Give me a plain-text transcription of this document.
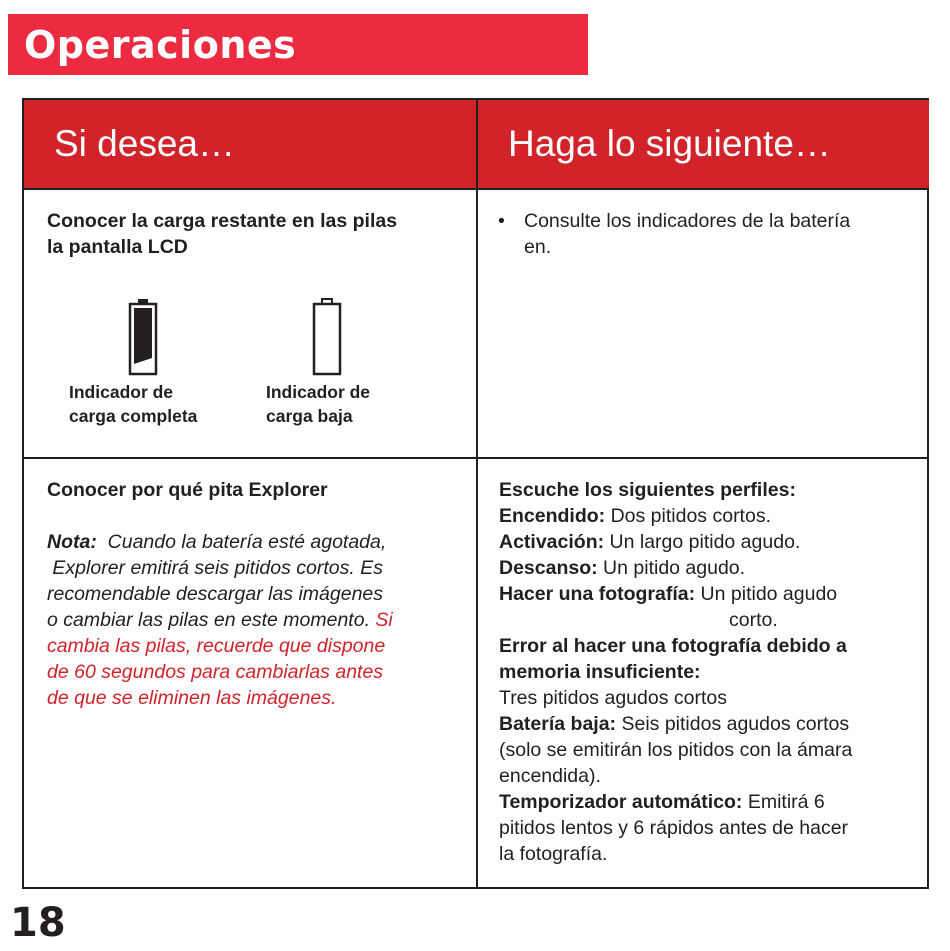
Operaciones
Si desea…	Haga lo siguiente…
Conocer la carga restante en las pilas
la pantalla LCD
Indicador de
carga completa
Indicador de
carga baja
• Consulte los indicadores de la batería
en.
Conocer por qué pita Explorer
Nota:  Cuando la batería esté agotada,
Explorer emitirá seis pitidos cortos. Es
recomendable descargar las imágenes
o cambiar las pilas en este momento. Si
cambia las pilas, recuerde que dispone
de 60 segundos para cambiarlas antes
de que se eliminen las imágenes.
Escuche los siguientes perfiles:
Encendido: Dos pitidos cortos.
Activación: Un largo pitido agudo.
Descanso: Un pitido agudo.
Hacer una fotografía: Un pitido agudo
corto.
Error al hacer una fotografía debido a
memoria insuficiente:
Tres pitidos agudos cortos
Batería baja: Seis pitidos agudos cortos
(solo se emitirán los pitidos con la ámara
encendida).
Temporizador automático: Emitirá 6
pitidos lentos y 6 rápidos antes de hacer
la fotografía.
18
